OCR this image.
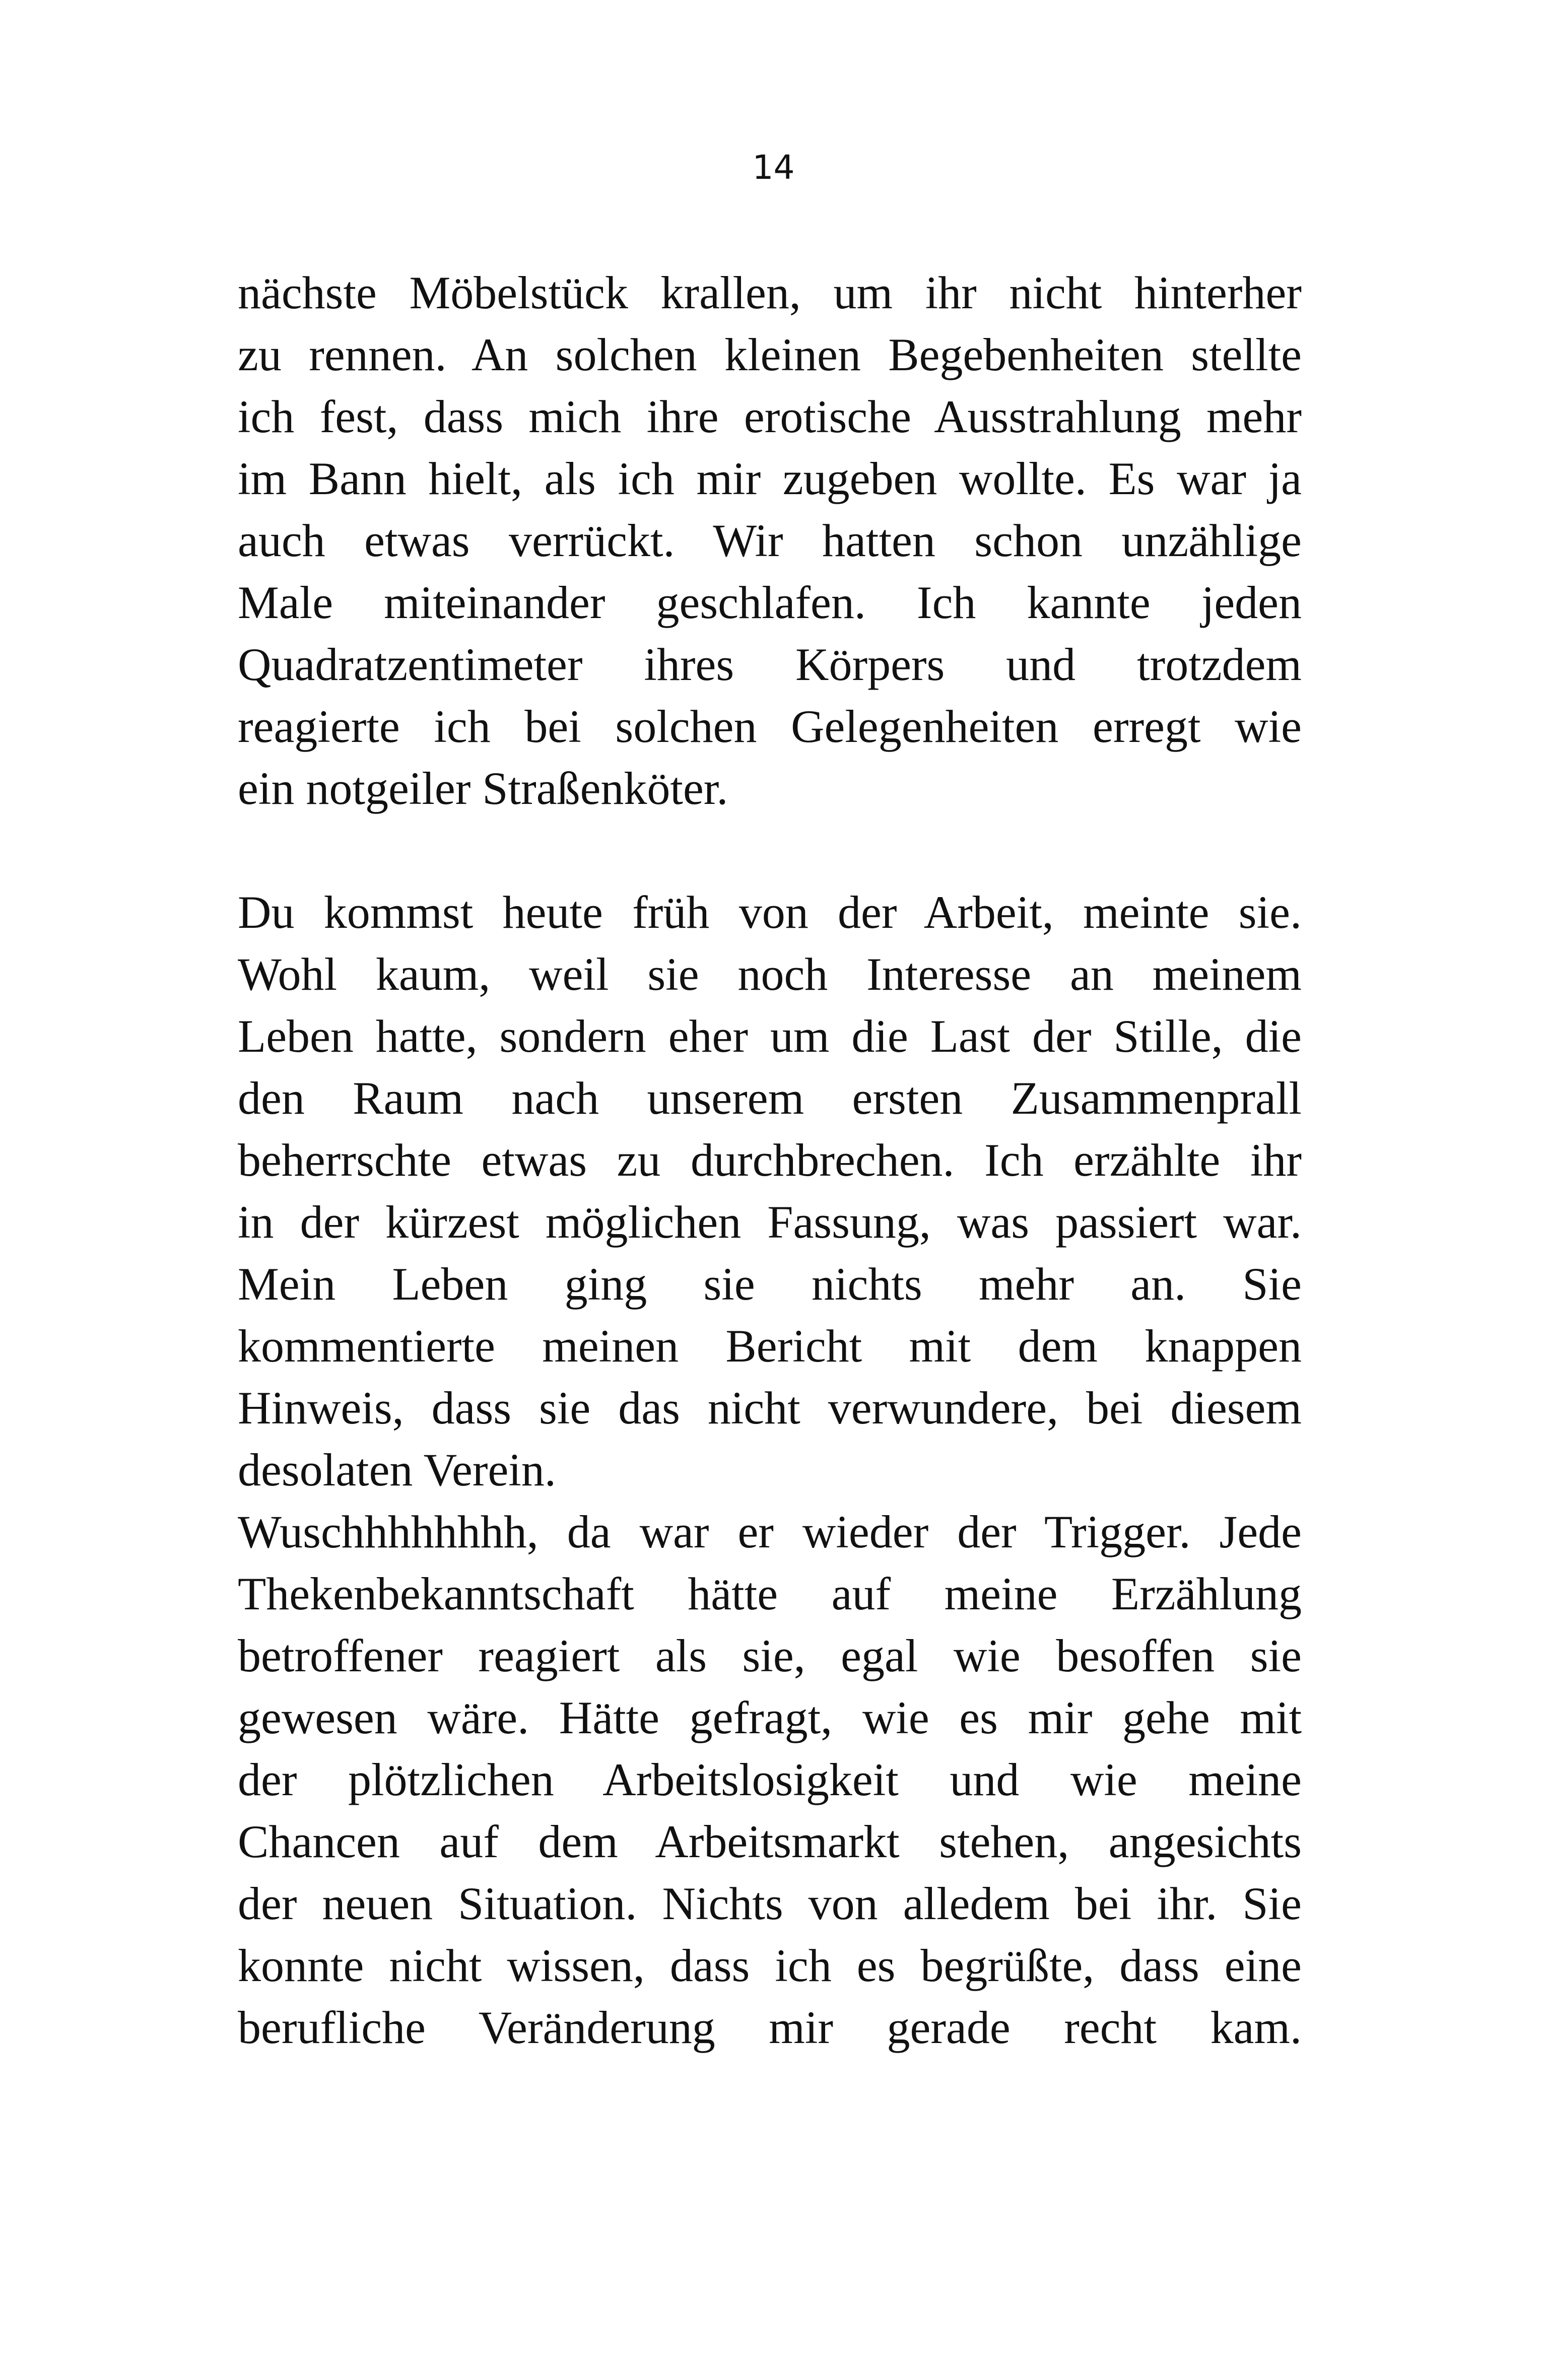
14
nächste Möbelstück krallen, um ihr nicht hinterher
zu rennen. An solchen kleinen Begebenheiten stellte
ich fest, dass mich ihre erotische Ausstrahlung mehr
im Bann hielt, als ich mir zugeben wollte. Es war ja
auch etwas verrückt. Wir hatten schon unzählige
Male miteinander geschlafen. Ich kannte jeden
Quadratzentimeter ihres Körpers und trotzdem
reagierte ich bei solchen Gelegenheiten erregt wie
ein notgeiler Straßenköter.
Du kommst heute früh von der Arbeit, meinte sie.
Wohl kaum, weil sie noch Interesse an meinem
Leben hatte, sondern eher um die Last der Stille, die
den Raum nach unserem ersten Zusammenprall
beherrschte etwas zu durchbrechen. Ich erzählte ihr
in der kürzest möglichen Fassung, was passiert war.
Mein Leben ging sie nichts mehr an. Sie
kommentierte meinen Bericht mit dem knappen
Hinweis, dass sie das nicht verwundere, bei diesem
desolaten Verein.
Wuschhhhhhhh, da war er wieder der Trigger. Jede
Thekenbekanntschaft hätte auf meine Erzählung
betroffener reagiert als sie, egal wie besoffen sie
gewesen wäre. Hätte gefragt, wie es mir gehe mit
der plötzlichen Arbeitslosigkeit und wie meine
Chancen auf dem Arbeitsmarkt stehen, angesichts
der neuen Situation. Nichts von alledem bei ihr. Sie
konnte nicht wissen, dass ich es begrüßte, dass eine
berufliche Veränderung mir gerade recht kam.
